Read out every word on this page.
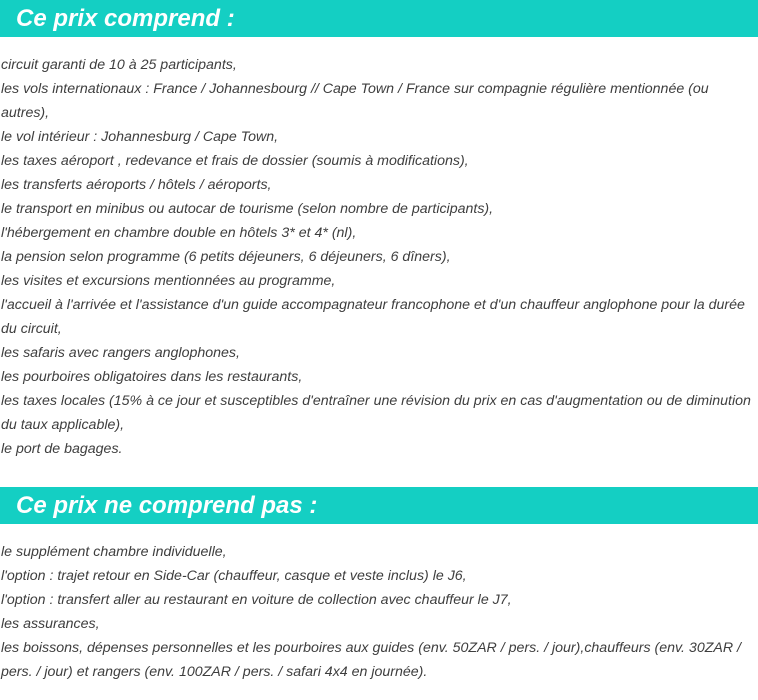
Ce prix comprend :
circuit garanti de 10 à 25 participants,
les vols internationaux : France / Johannesbourg // Cape Town / France sur compagnie régulière mentionnée (ou autres),
le vol intérieur : Johannesburg / Cape Town,
les taxes aéroport , redevance et frais de dossier (soumis à modifications),
les transferts aéroports / hôtels / aéroports,
le transport en minibus ou autocar de tourisme (selon nombre de participants),
l'hébergement en chambre double en hôtels 3* et 4* (nl),
la pension selon programme (6 petits déjeuners, 6 déjeuners, 6 dîners),
les visites et excursions mentionnées au programme,
l'accueil à l'arrivée et l'assistance d'un guide accompagnateur francophone et d'un chauffeur anglophone pour la durée du circuit,
les safaris avec rangers anglophones,
les pourboires obligatoires dans les restaurants,
les taxes locales (15% à ce jour et susceptibles d'entraîner une révision du prix en cas d'augmentation ou de diminution du taux applicable),
le port de bagages.
Ce prix ne comprend pas :
le supplément chambre individuelle,
l'option : trajet retour en Side-Car (chauffeur, casque et veste inclus) le J6,
l'option : transfert aller au restaurant en voiture de collection avec chauffeur le J7,
les assurances,
les boissons, dépenses personnelles et les pourboires aux guides (env. 50ZAR / pers. / jour),chauffeurs (env. 30ZAR / pers. / jour) et rangers (env. 100ZAR / pers. / safari 4x4 en journée).
